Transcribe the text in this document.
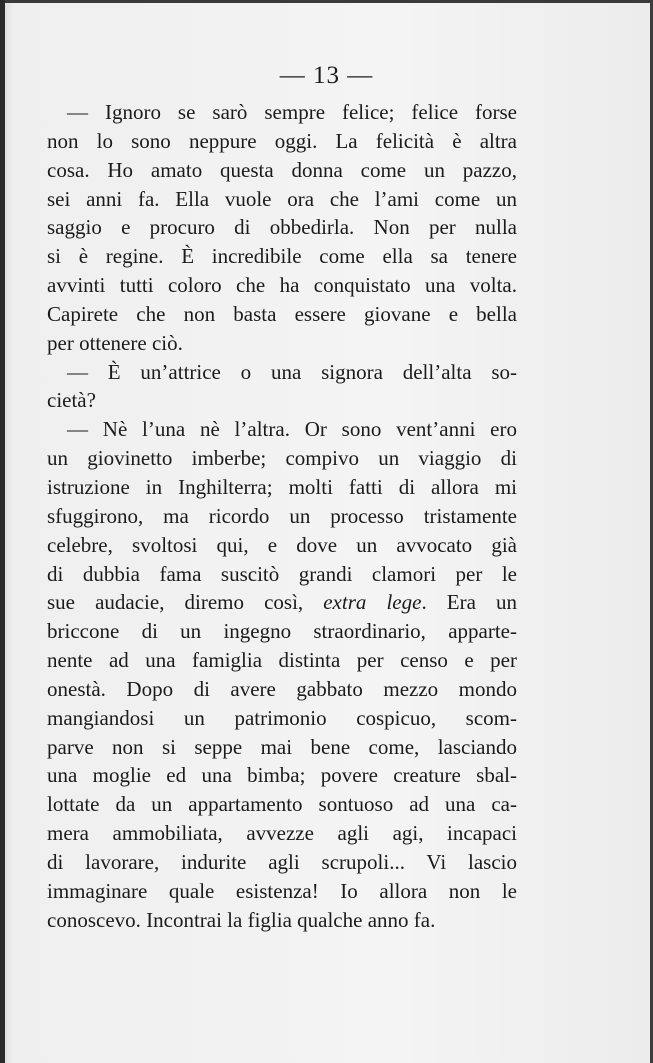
— 13 —
— Ignoro se sarò sempre felice; felice forse
non lo sono neppure oggi. La felicità è altra
cosa. Ho amato questa donna come un pazzo,
sei anni fa. Ella vuole ora che l’ami come un
saggio e procuro di obbedirla. Non per nulla
si è regine. È incredibile come ella sa tenere
avvinti tutti coloro che ha conquistato una volta.
Capirete che non basta essere giovane e bella
per ottenere ciò.
— È un’attrice o una signora dell’alta so-
cietà?
— Nè l’una nè l’altra. Or sono vent’anni ero
un giovinetto imberbe; compivo un viaggio di
istruzione in Inghilterra; molti fatti di allora mi
sfuggirono, ma ricordo un processo tristamente
celebre, svoltosi qui, e dove un avvocato già
di dubbia fama suscitò grandi clamori per le
sue audacie, diremo così, extra lege. Era un
briccone di un ingegno straordinario, apparte-
nente ad una famiglia distinta per censo e per
onestà. Dopo di avere gabbato mezzo mondo
mangiandosi un patrimonio cospicuo, scom-
parve non si seppe mai bene come, lasciando
una moglie ed una bimba; povere creature sbal-
lottate da un appartamento sontuoso ad una ca-
mera ammobiliata, avvezze agli agi, incapaci
di lavorare, indurite agli scrupoli... Vi lascio
immaginare quale esistenza! Io allora non le
conoscevo. Incontrai la figlia qualche anno fa.
